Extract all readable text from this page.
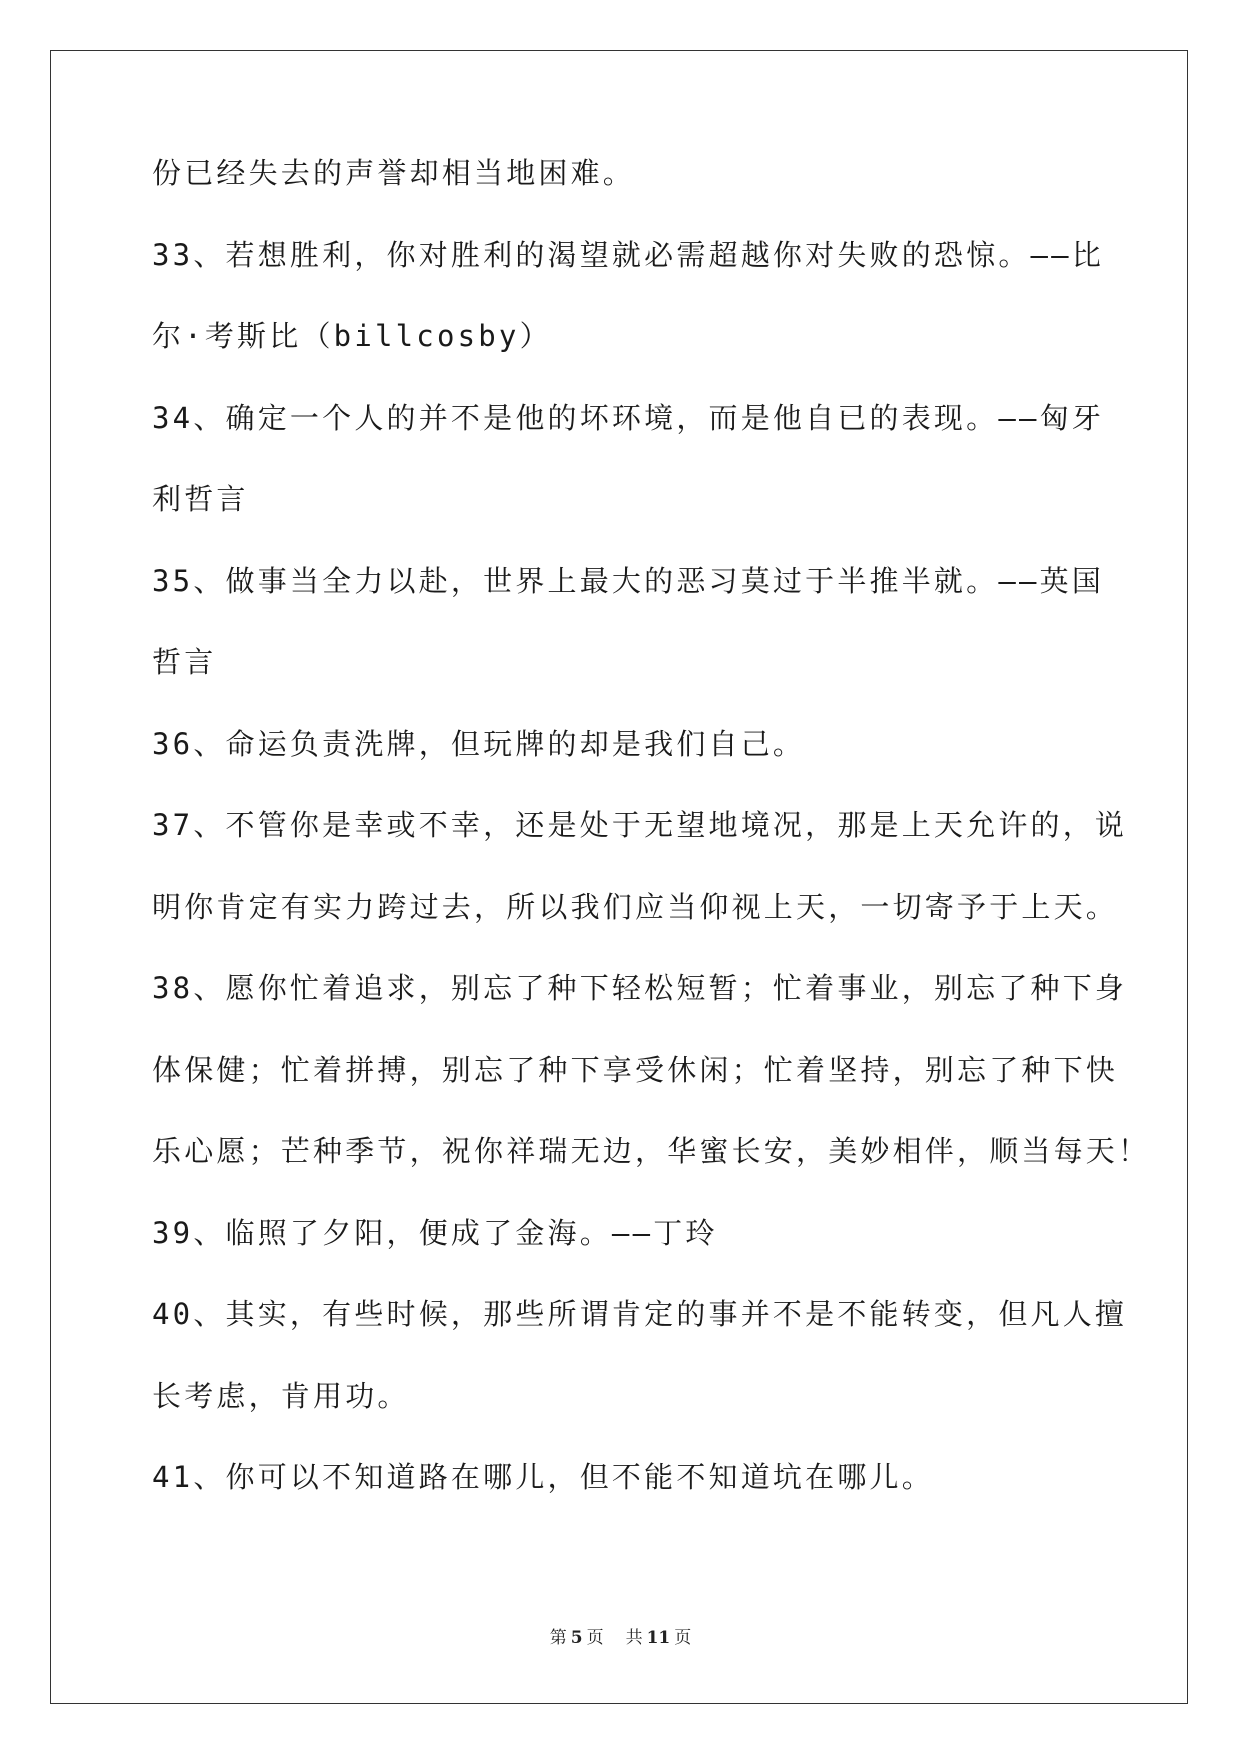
份已经失去的声誉却相当地困难。
33、若想胜利，你对胜利的渴望就必需超越你对失败的恐惊。——比
尔·考斯比（billcosby）
34、确定一个人的并不是他的坏环境，而是他自已的表现。——匈牙
利哲言
35、做事当全力以赴，世界上最大的恶习莫过于半推半就。——英国
哲言
36、命运负责洗牌，但玩牌的却是我们自己。
37、不管你是幸或不幸，还是处于无望地境况，那是上天允许的，说
明你肯定有实力跨过去，所以我们应当仰视上天，一切寄予于上天。
38、愿你忙着追求，别忘了种下轻松短暂；忙着事业，别忘了种下身
体保健；忙着拼搏，别忘了种下享受休闲；忙着坚持，别忘了种下快
乐心愿；芒种季节，祝你祥瑞无边，华蜜长安，美妙相伴，顺当每天！
39、临照了夕阳，便成了金海。——丁玲
40、其实，有些时候，那些所谓肯定的事并不是不能转变，但凡人擅
长考虑，肯用功。
41、你可以不知道路在哪儿，但不能不知道坑在哪儿。
第 5 页 共 11 页
